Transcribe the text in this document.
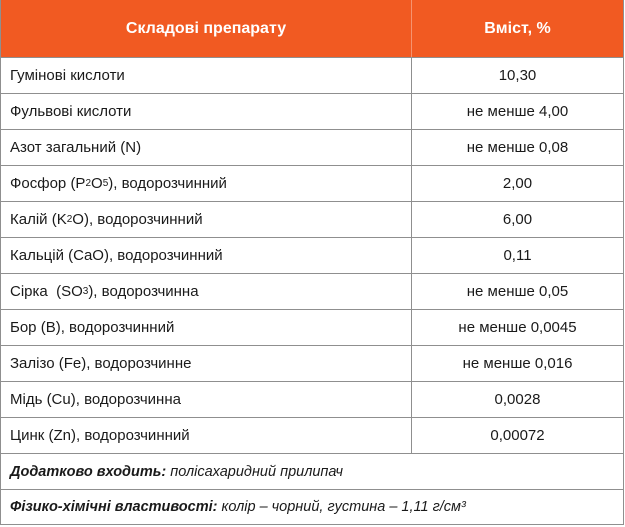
Складові препарату	Вміст, %
Гумінові кислоти	10,30
Фульвові кислоти	не менше 4,00
Азот загальний (N)	не менше 0,08
Фосфор (P 2 O 5 ), водорозчинний	2,00
Калій (K 2 O), водорозчинний	6,00
Кальцій (CaO), водорозчинний	0,11
Сірка  (SO 3 ), водорозчинна	не менше 0,05
Бор (B), водорозчинний	не менше 0,0045
Залізо (Fe), водорозчинне	не менше 0,016
Мідь (Cu), водорозчинна	0,0028
Цинк (Zn), водорозчинний	0,00072
Додатково входить: полісахаридний прилипач
Фізико-хімічні властивості: колір – чорний, густина – 1,11 г/см³
